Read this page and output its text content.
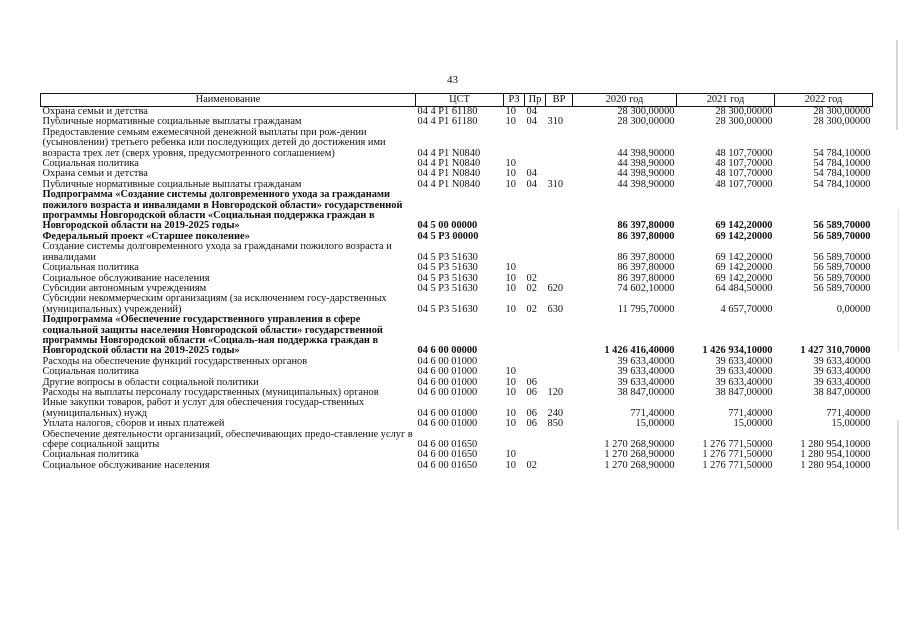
43
Наименование	ЦСТ	РЗ	Пр	ВР	2020 год	2021 год	2022 год
Охрана семьи и детства	04 4 P1 61180	10	04		28 300,00000	28 300,00000	28 300,00000
Публичные нормативные социальные выплаты гражданам	04 4 P1 61180	10	04	310	28 300,00000	28 300,00000	28 300,00000
Предоставление семьям ежемесячной денежной выплаты при рож-дении (усыновлении) третьего ребенка или последующих детей до достижения ими возраста трех лет (сверх уровня, предусмотренного соглашением)	04 4 P1 N0840				44 398,90000	48 107,70000	54 784,10000
Социальная политика	04 4 P1 N0840	10			44 398,90000	48 107,70000	54 784,10000
Охрана семьи и детства	04 4 P1 N0840	10	04		44 398,90000	48 107,70000	54 784,10000
Публичные нормативные социальные выплаты гражданам	04 4 P1 N0840	10	04	310	44 398,90000	48 107,70000	54 784,10000
Подпрограмма «Создание системы долговременного ухода за гражданами пожилого возраста и инвалидами в Новгородской области» государственной программы Новгородской области «Социальная поддержка граждан в Новгородской области на 2019-2025 годы»	04 5 00 00000				86 397,80000	69 142,20000	56 589,70000
Федеральный проект «Старшее поколение»	04 5 P3 00000				86 397,80000	69 142,20000	56 589,70000
Создание системы долговременного ухода за гражданами пожилого возраста и инвалидами	04 5 P3 51630				86 397,80000	69 142,20000	56 589,70000
Социальная политика	04 5 P3 51630	10			86 397,80000	69 142,20000	56 589,70000
Социальное обслуживание населения	04 5 P3 51630	10	02		86 397,80000	69 142,20000	56 589,70000
Субсидии автономным учреждениям	04 5 P3 51630	10	02	620	74 602,10000	64 484,50000	56 589,70000
Субсидии некоммерческим организациям (за исключением госу-дарственных (муниципальных) учреждений)	04 5 P3 51630	10	02	630	11 795,70000	4 657,70000	0,00000
Подпрограмма «Обеспечение государственного управления в сфере социальной защиты населения Новгородской области» государственной программы Новгородской области «Социаль-ная поддержка граждан в Новгородской области на 2019-2025 годы»	04 6 00 00000				1 426 416,40000	1 426 934,10000	1 427 310,70000
Расходы на обеспечение функций государственных органов	04 6 00 01000				39 633,40000	39 633,40000	39 633,40000
Социальная политика	04 6 00 01000	10			39 633,40000	39 633,40000	39 633,40000
Другие вопросы в области социальной политики	04 6 00 01000	10	06		39 633,40000	39 633,40000	39 633,40000
Расходы на выплаты персоналу государственных (муниципальных) органов	04 6 00 01000	10	06	120	38 847,00000	38 847,00000	38 847,00000
Иные закупки товаров, работ и услуг для обеспечения государ-ственных (муниципальных) нужд	04 6 00 01000	10	06	240	771,40000	771,40000	771,40000
Уплата налогов, сборов и иных платежей	04 6 00 01000	10	06	850	15,00000	15,00000	15,00000
Обеспечение деятельности организаций, обеспечивающих предо-ставление услуг в сфере социальной защиты	04 6 00 01650				1 270 268,90000	1 276 771,50000	1 280 954,10000
Социальная политика	04 6 00 01650	10			1 270 268,90000	1 276 771,50000	1 280 954,10000
Социальное обслуживание населения	04 6 00 01650	10	02		1 270 268,90000	1 276 771,50000	1 280 954,10000
